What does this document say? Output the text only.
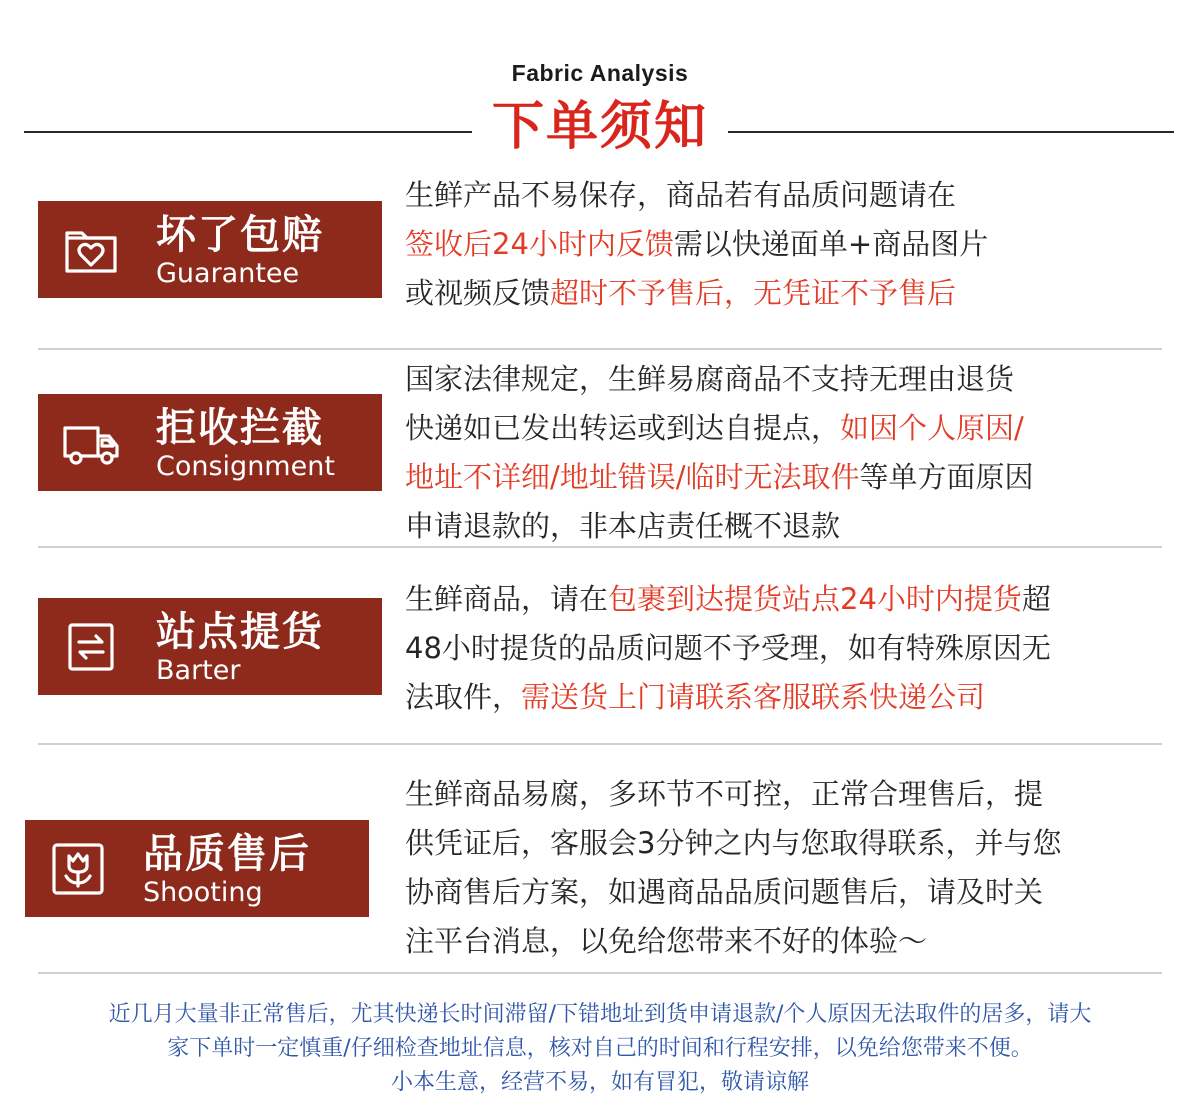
Fabric Analysis
下单须知
坏了包赔
Guarantee
生鲜产品不易保存，商品若有品质问题请在
签收后24小时内反馈需以快递面单+商品图片
或视频反馈超时不予售后，无凭证不予售后
拒收拦截
Consignment
国家法律规定，生鲜易腐商品不支持无理由退货
快递如已发出转运或到达自提点，如因个人原因/
地址不详细/地址错误/临时无法取件等单方面原因
申请退款的，非本店责任概不退款
站点提货
Barter
生鲜商品，请在包裹到达提货站点24小时内提货超
48小时提货的品质问题不予受理，如有特殊原因无
法取件，需送货上门请联系客服联系快递公司
品质售后
Shooting
生鲜商品易腐，多环节不可控，正常合理售后，提
供凭证后，客服会3分钟之内与您取得联系，并与您
协商售后方案，如遇商品品质问题售后，请及时关
注平台消息，以免给您带来不好的体验～
近几月大量非正常售后，尤其快递长时间滞留/下错地址到货申请退款/个人原因无法取件的居多，请大
家下单时一定慎重/仔细检查地址信息，核对自己的时间和行程安排，以免给您带来不便。
小本生意，经营不易，如有冒犯，敬请谅解
